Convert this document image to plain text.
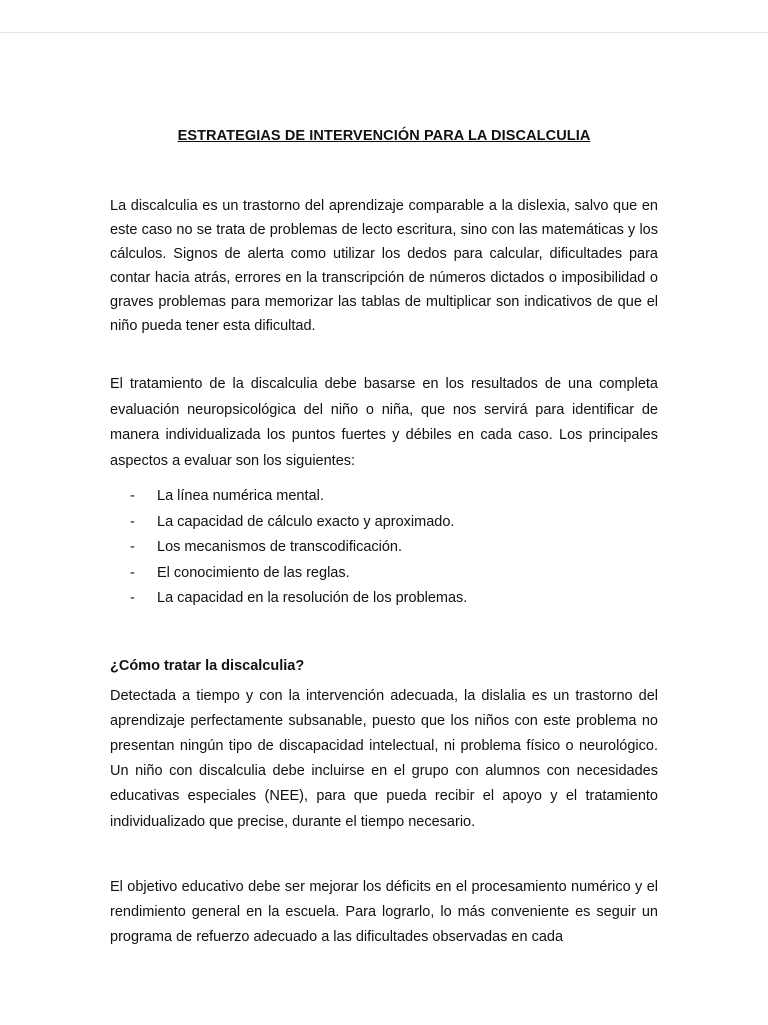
ESTRATEGIAS DE INTERVENCIÓN PARA LA DISCALCULIA

La discalculia es un trastorno del aprendizaje comparable a la dislexia, salvo que en este caso no se trata de problemas de lecto escritura, sino con las matemáticas y los cálculos. Signos de alerta como utilizar los dedos para calcular, dificultades para contar hacia atrás, errores en la transcripción de números dictados o imposibilidad o graves problemas para memorizar las tablas de multiplicar son indicativos de que el niño pueda tener esta dificultad.

El tratamiento de la discalculia debe basarse en los resultados de una completa evaluación neuropsicológica del niño o niña, que nos servirá para identificar de manera individualizada los puntos fuertes y débiles en cada caso. Los principales aspectos a evaluar son los siguientes:

- La línea numérica mental.
- La capacidad de cálculo exacto y aproximado.
- Los mecanismos de transcodificación.
- El conocimiento de las reglas.
- La capacidad en la resolución de los problemas.
¿Cómo tratar la discalculia?

Detectada a tiempo y con la intervención adecuada, la dislalia es un trastorno del aprendizaje perfectamente subsanable, puesto que los niños con este problema no presentan ningún tipo de discapacidad intelectual, ni problema físico o neurológico. Un niño con discalculia debe incluirse en el grupo con alumnos con necesidades educativas especiales (NEE), para que pueda recibir el apoyo y el tratamiento individualizado que precise, durante el tiempo necesario.

El objetivo educativo debe ser mejorar los déficits en el procesamiento numérico y el rendimiento general en la escuela. Para lograrlo, lo más conveniente es seguir un programa de refuerzo adecuado a las dificultades observadas en cada
